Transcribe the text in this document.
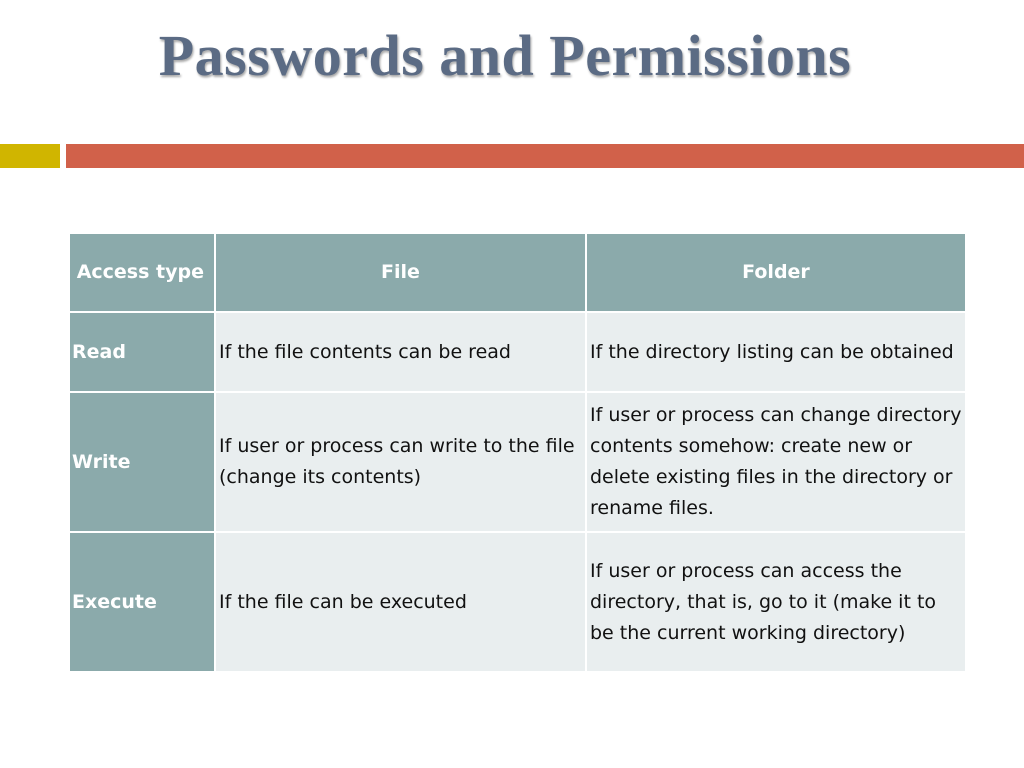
Passwords and Permissions
Access type	File	Folder
Read	If the file contents can be read	If the directory listing can be obtained
Write	If user or process can write to the file (change its contents)	If user or process can change directory contents somehow: create new or delete existing files in the directory or rename files.
Execute	If the file can be executed	If user or process can access the directory, that is, go to it (make it to be the current working directory)
